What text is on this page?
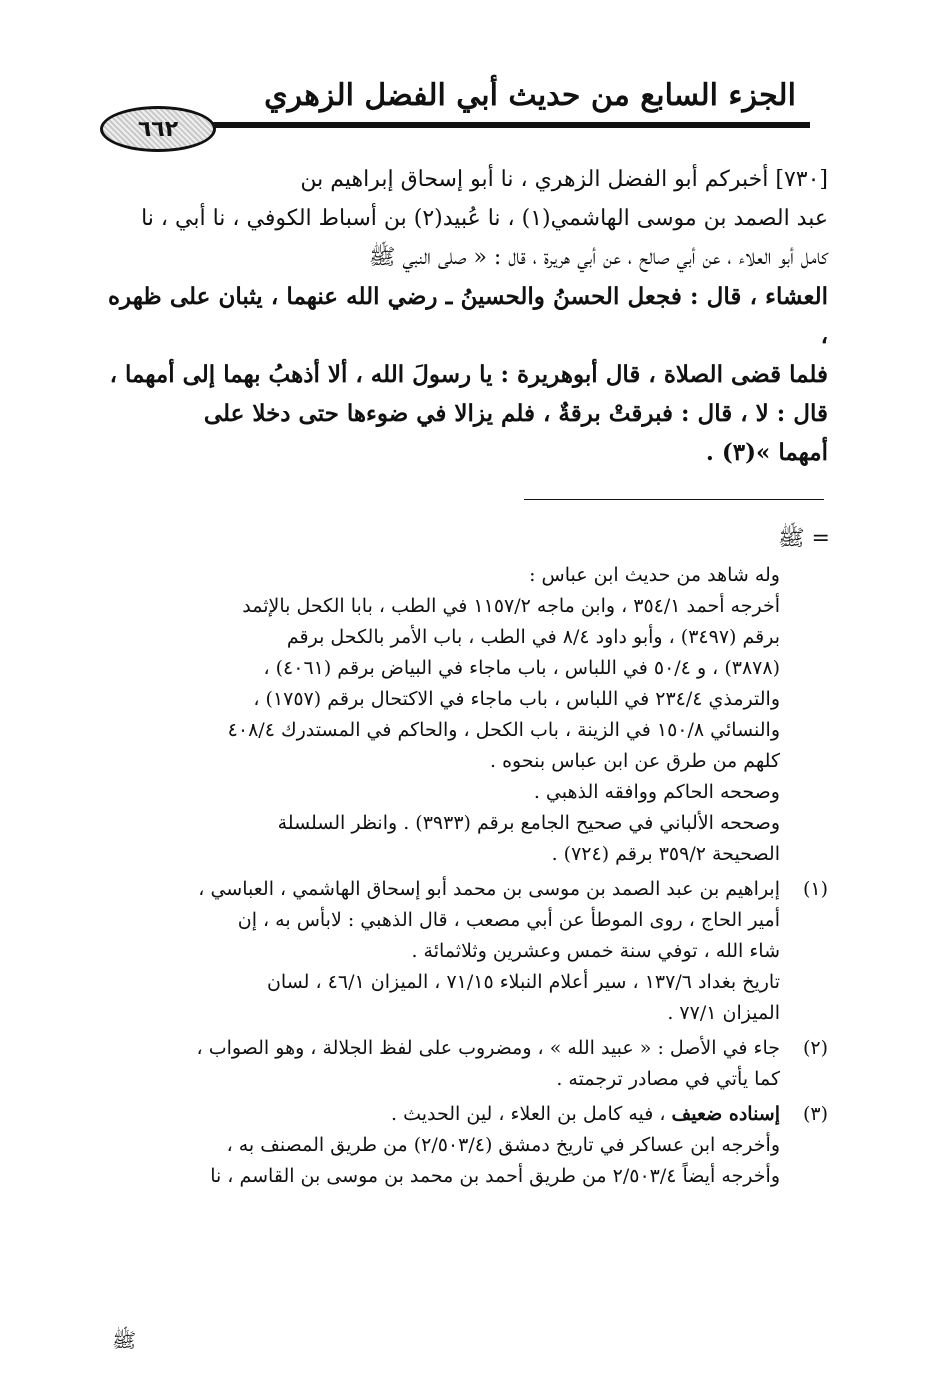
الجزء السابع من حديث أبي الفضل الزهري
٦٦٢

[٧٣٠] أخبركم أبو الفضل الزهري ، نا أبو إسحاق إبراهيم بن

عبد الصمد بن موسى الهاشمي(١) ، نا عُبيد(٢) بن أسباط الكوفي ، نا أبي ، نا

كامل أبو العلاء ، عن أبي صالح ، عن أبي هريرة ، قال : « صلى النبي ﷺ

العشاء ، قال : فجعل الحسنُ والحسينُ ـ رضي الله عنهما ، يثبان على ظهره ،

فلما قضى الصلاة ، قال أبوهريرة : يا رسولَ الله ، ألا أذهبُ بهما إلى أمهما ،

قال : لا ، قال : فبرقتْ برقةٌ ، فلم يزالا في ضوءها حتى دخلا على

أمهما »(٣) .

= ﷺ

وله شاهد من حديث ابن عباس :

أخرجه أحمد ٣٥٤/١ ، وابن ماجه ١١٥٧/٢ في الطب ، بابا الكحل بالإثمد

برقم (٣٤٩٧) ، وأبو داود ٨/٤ في الطب ، باب الأمر بالكحل برقم

(٣٨٧٨) ، و ٥٠/٤ في اللباس ، باب ماجاء في البياض برقم (٤٠٦١) ،

والترمذي ٢٣٤/٤ في اللباس ، باب ماجاء في الاكتحال برقم (١٧٥٧) ،

والنسائي ١٥٠/٨ في الزينة ، باب الكحل ، والحاكم في المستدرك ٤٠٨/٤

كلهم من طرق عن ابن عباس بنحوه .

وصححه الحاكم ووافقه الذهبي .

وصححه الألباني في صحيح الجامع برقم (٣٩٣٣) . وانظر السلسلة

الصحيحة ٣٥٩/٢ برقم (٧٢٤) .

(١)

إبراهيم بن عبد الصمد بن موسى بن محمد أبو إسحاق الهاشمي ، العباسي ،

أمير الحاج ، روى الموطأ عن أبي مصعب ، قال الذهبي : لابأس به ، إن

شاء الله ، توفي سنة خمس وعشرين وثلاثمائة .

تاريخ بغداد ١٣٧/٦ ، سير أعلام النبلاء ٧١/١٥ ، الميزان ٤٦/١ ، لسان

الميزان ٧٧/١ .

(٢)

جاء في الأصل : « عبيد الله » ، ومضروب على لفظ الجلالة ، وهو الصواب ،

كما يأتي في مصادر ترجمته .

(٣)

إسناده ضعيف ، فيه كامل بن العلاء ، لين الحديث .

وأخرجه ابن عساكر في تاريخ دمشق (٢/٥٠٣/٤) من طريق المصنف به ،

وأخرجه أيضاً ٢/٥٠٣/٤ من طريق أحمد بن محمد بن موسى بن القاسم ، نا

ﷺ
